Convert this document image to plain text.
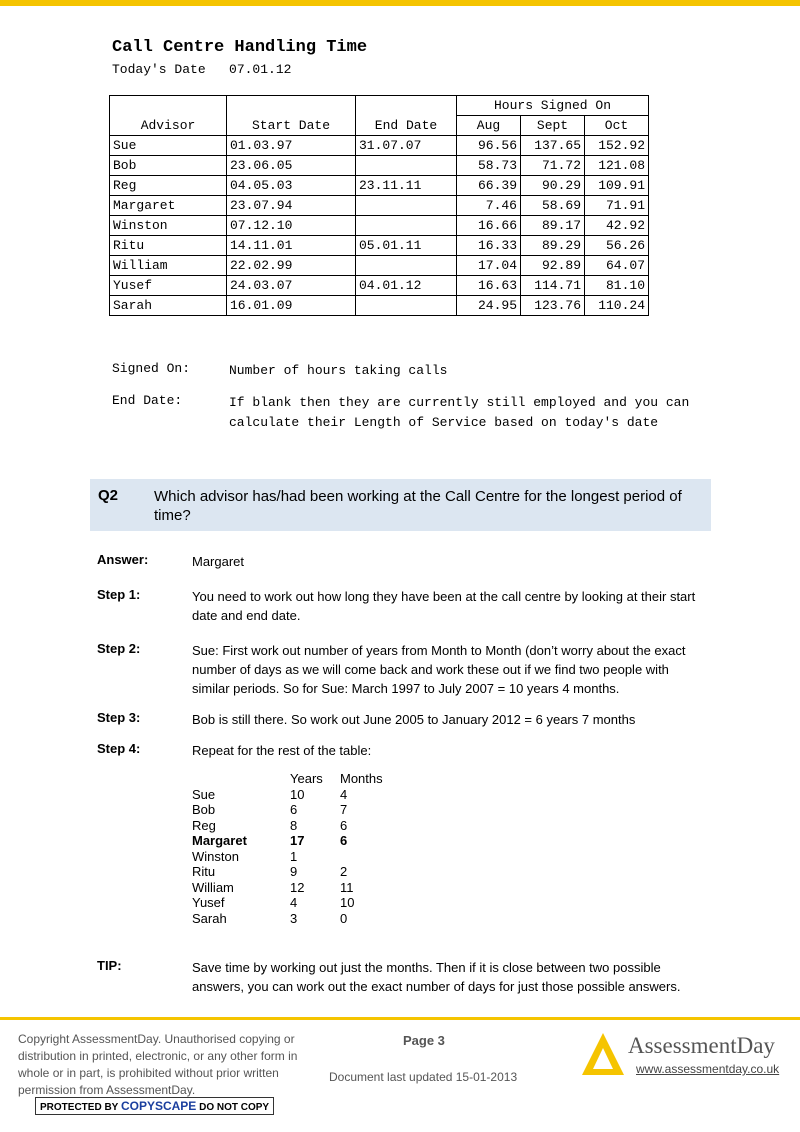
Call Centre Handling Time
Today's Date 07.01.12
			Hours Signed On		
Advisor	Start Date	End Date	Aug	Sept	Oct
Sue	01.03.97	31.07.07	96.56	137.65	152.92
Bob	23.06.05		58.73	71.72	121.08
Reg	04.05.03	23.11.11	66.39	90.29	109.91
Margaret	23.07.94		7.46	58.69	71.91
Winston	07.12.10		16.66	89.17	42.92
Ritu	14.11.01	05.01.11	16.33	89.29	56.26
William	22.02.99		17.04	92.89	64.07
Yusef	24.03.07	04.01.12	16.63	114.71	81.10
Sarah	16.01.09		24.95	123.76	110.24
Signed On:	Number of hours taking calls
End Date:	If blank then they are currently still employed and you can calculate their Length of Service based on today's date
Q2 Which advisor has/had been working at the Call Centre for the longest period of time?
Answer:	Margaret
Step 1:	You need to work out how long they have been at the call centre by looking at their start date and end date.
Step 2:	Sue: First work out number of years from Month to Month (don’t worry about the exact number of days as we will come back and work these out if we find two people with similar periods. So for Sue: March 1997 to July 2007 = 10 years 4 months.
Step 3:	Bob is still there. So work out June 2005 to January 2012 = 6 years 7 months
Step 4:	Repeat for the rest of the table:
Years Months
Sue	10	4
Bob	6	7
Reg	8	6
Margaret	17	6
Winston	1
Ritu	9	2
William	12	11
Yusef	4	10
Sarah	3	0
TIP:	Save time by working out just the months. Then if it is close between two possible answers, you can work out the exact number of days for just those possible answers.
Copyright AssessmentDay. Unauthorised copying or distribution in printed, electronic, or any other form in whole or in part, is prohibited without prior written permission from AssessmentDay.
Page 3
Document last updated 15-01-2013
PROTECTED BY COPYSCAPE DO NOT COPY
AssessmentDay
www.assessmentday.co.uk
